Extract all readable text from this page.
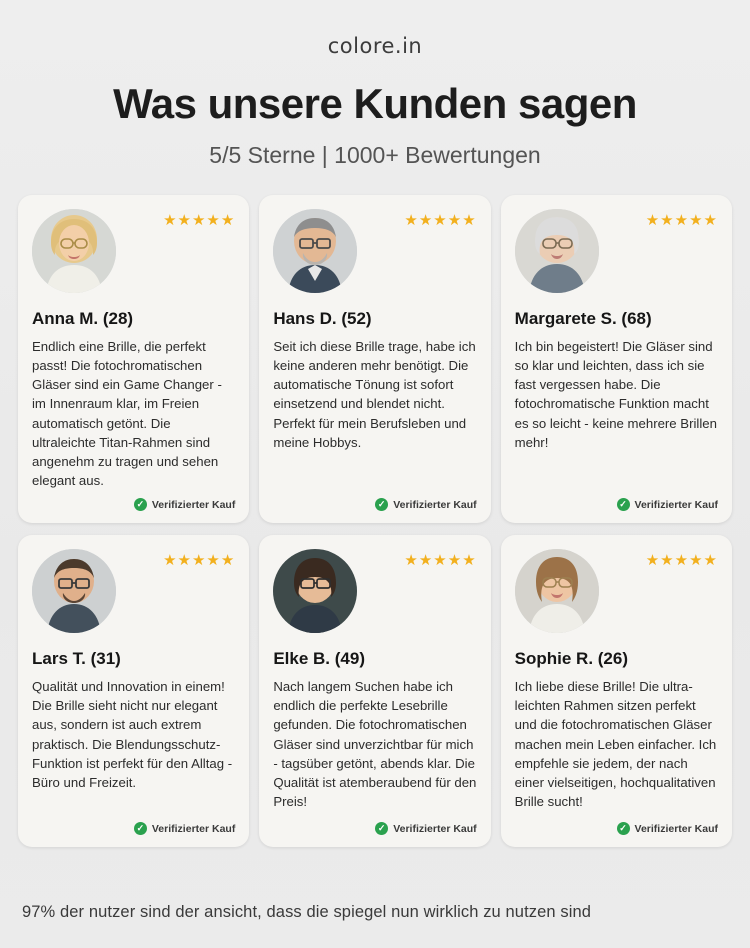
colore.in
Was unsere Kunden sagen
5/5 Sterne | 1000+ Bewertungen
★★★★★
Anna M. (28)
Endlich eine Brille, die perfekt passt! Die fotochromatischen Gläser sind ein Game Changer - im Innenraum klar, im Freien automatisch getönt. Die ultraleichte Titan-Rahmen sind angenehm zu tragen und sehen elegant aus.
✓ Verifizierter Kauf
★★★★★
Hans D. (52)
Seit ich diese Brille trage, habe ich keine anderen mehr benötigt. Die automatische Tönung ist sofort einsetzend und blendet nicht. Perfekt für mein Berufsleben und meine Hobbys.
✓ Verifizierter Kauf
★★★★★
Margarete S. (68)
Ich bin begeistert! Die Gläser sind so klar und leichten, dass ich sie fast vergessen habe. Die fotochromatische Funktion macht es so leicht - keine mehrere Brillen mehr!
✓ Verifizierter Kauf
★★★★★
Lars T. (31)
Qualität und Innovation in einem! Die Brille sieht nicht nur elegant aus, sondern ist auch extrem praktisch. Die Blendungsschutz-Funktion ist perfekt für den Alltag - Büro und Freizeit.
✓ Verifizierter Kauf
★★★★★
Elke B. (49)
Nach langem Suchen habe ich endlich die perfekte Lesebrille gefunden. Die fotochromatischen Gläser sind unverzichtbar für mich - tagsüber getönt, abends klar. Die Qualität ist atemberaubend für den Preis!
✓ Verifizierter Kauf
★★★★★
Sophie R. (26)
Ich liebe diese Brille! Die ultra-leichten Rahmen sitzen perfekt und die fotochromatischen Gläser machen mein Leben einfacher. Ich empfehle sie jedem, der nach einer vielseitigen, hochqualitativen Brille sucht!
✓ Verifizierter Kauf
97% der nutzer sind der ansicht, dass die spiegel nun wirklich zu nutzen sind
